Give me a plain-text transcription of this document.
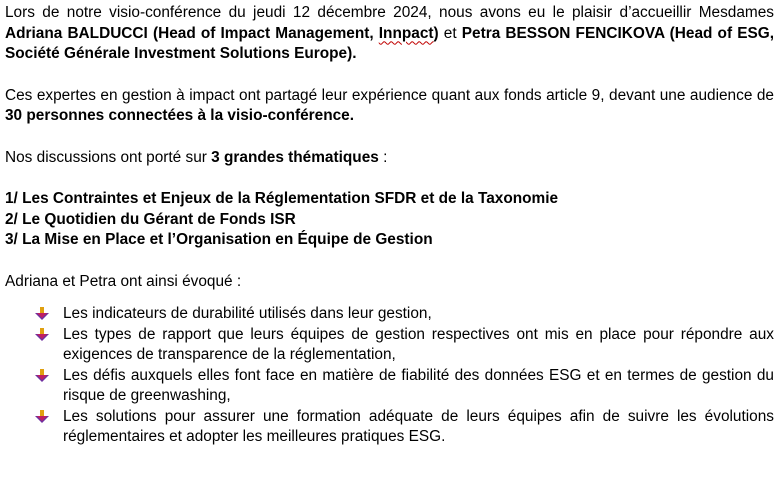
Lors de notre visio-conférence du jeudi 12 décembre 2024, nous avons eu le plaisir d’accueillir Mesdames Adriana BALDUCCI (Head of Impact Management, Innpact) et Petra BESSON FENCIKOVA (Head of ESG, Société Générale Investment Solutions Europe).

Ces expertes en gestion à impact ont partagé leur expérience quant aux fonds article 9, devant une audience de 30 personnes connectées à la visio-conférence.

Nos discussions ont porté sur 3 grandes thématiques :

1/ Les Contraintes et Enjeux de la Réglementation SFDR et de la Taxonomie

2/ Le Quotidien du Gérant de Fonds ISR

3/ La Mise en Place et l’Organisation en Équipe de Gestion

Adriana et Petra ont ainsi évoqué :

Les indicateurs de durabilité utilisés dans leur gestion,
Les types de rapport que leurs équipes de gestion respectives ont mis en place pour répondre aux exigences de transparence de la réglementation,
Les défis auxquels elles font face en matière de fiabilité des données ESG et en termes de gestion du risque de greenwashing,
Les solutions pour assurer une formation adéquate de leurs équipes afin de suivre les évolutions réglementaires et adopter les meilleures pratiques ESG.
